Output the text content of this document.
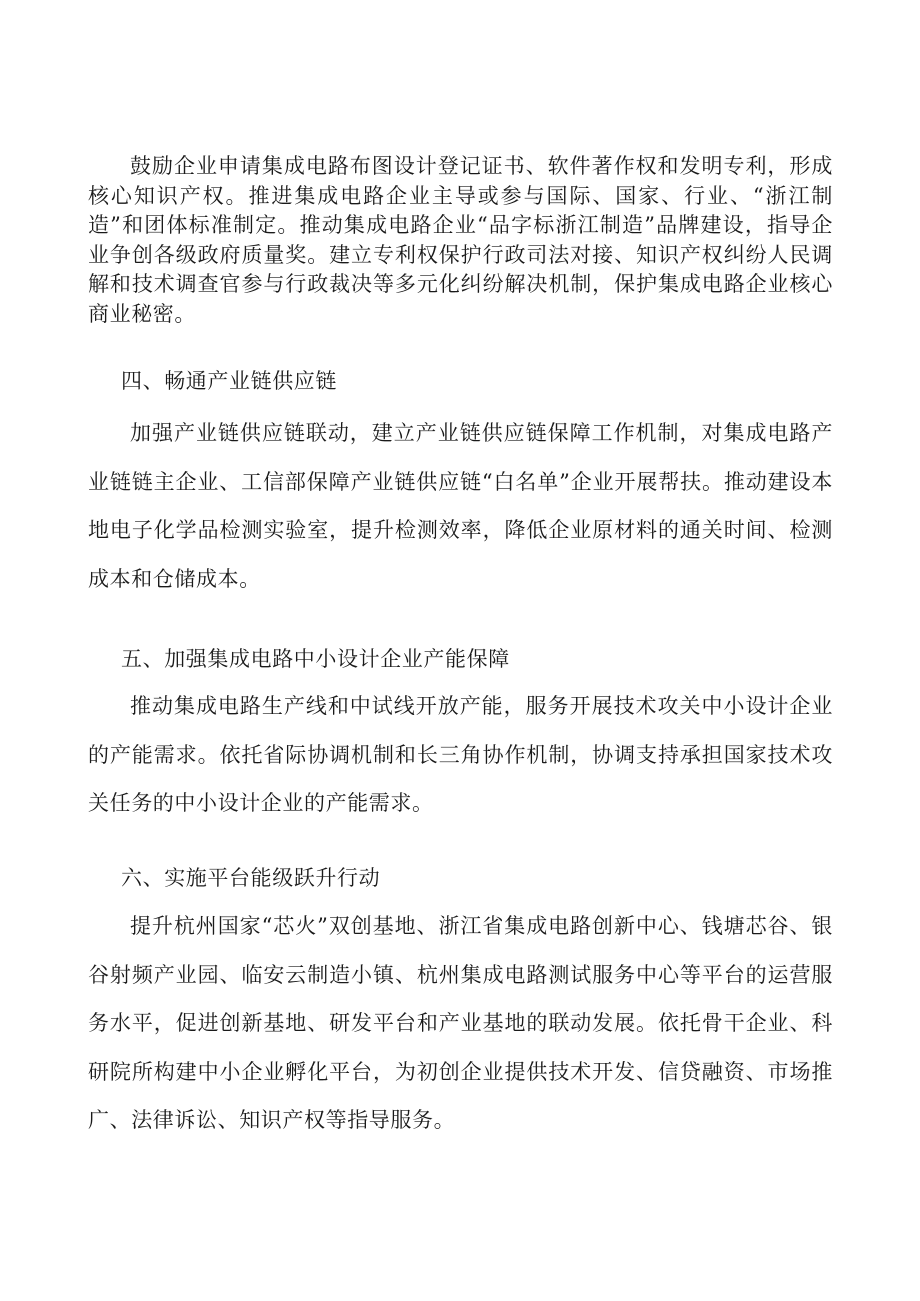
鼓励企业申请集成电路布图设计登记证书、软件著作权和发明专利，形成核心知识产权。推进集成电路企业主导或参与国际、国家、行业、“浙江制造”和团体标准制定。推动集成电路企业“品字标浙江制造”品牌建设，指导企业争创各级政府质量奖。建立专利权保护行政司法对接、知识产权纠纷人民调解和技术调查官参与行政裁决等多元化纠纷解决机制，保护集成电路企业核心商业秘密。

四、畅通产业链供应链

加强产业链供应链联动，建立产业链供应链保障工作机制，对集成电路产业链链主企业、工信部保障产业链供应链“白名单”企业开展帮扶。推动建设本地电子化学品检测实验室，提升检测效率，降低企业原材料的通关时间、检测成本和仓储成本。

五、加强集成电路中小设计企业产能保障

推动集成电路生产线和中试线开放产能，服务开展技术攻关中小设计企业的产能需求。依托省际协调机制和长三角协作机制，协调支持承担国家技术攻关任务的中小设计企业的产能需求。

六、实施平台能级跃升行动

提升杭州国家“芯火”双创基地、浙江省集成电路创新中心、钱塘芯谷、银谷射频产业园、临安云制造小镇、杭州集成电路测试服务中心等平台的运营服务水平，促进创新基地、研发平台和产业基地的联动发展。依托骨干企业、科研院所构建中小企业孵化平台，为初创企业提供技术开发、信贷融资、市场推广、法律诉讼、知识产权等指导服务。
